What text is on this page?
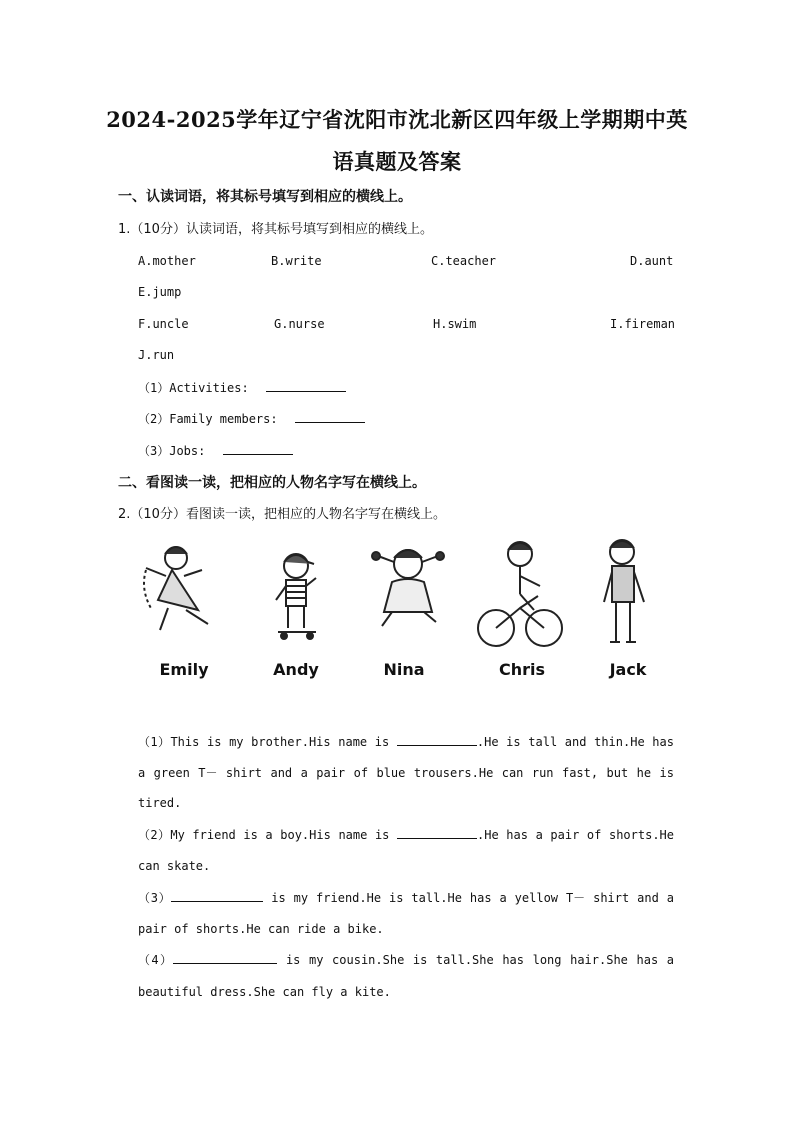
2024-2025学年辽宁省沈阳市沈北新区四年级上学期期中英
语真题及答案
一、认读词语，将其标号填写到相应的横线上。
1.（10分）认读词语，将其标号填写到相应的横线上。
A.mother	B.write	C.teacher	D.aunt
E.jump
F.uncle	G.nurse	H.swim	I.fireman
J.run
（1）Activities:
（2）Family members:
（3）Jobs:
二、看图读一读，把相应的人物名字写在横线上。
2.（10分）看图读一读，把相应的人物名字写在横线上。
Emily	Andy	Nina	Chris	Jack
（1）This is my brother.His name is	.He is tall and thin.He has
a green T－ shirt and a pair of blue trousers.He can run fast, but he is
tired.
（2）My friend is a boy.His name is	.He has a pair of shorts.He
can skate.
（3）	is my friend.He is tall.He has a yellow T－ shirt and a
pair of shorts.He can ride a bike.
（4）	is my cousin.She is tall.She has long hair.She has a
beautiful dress.She can fly a kite.
